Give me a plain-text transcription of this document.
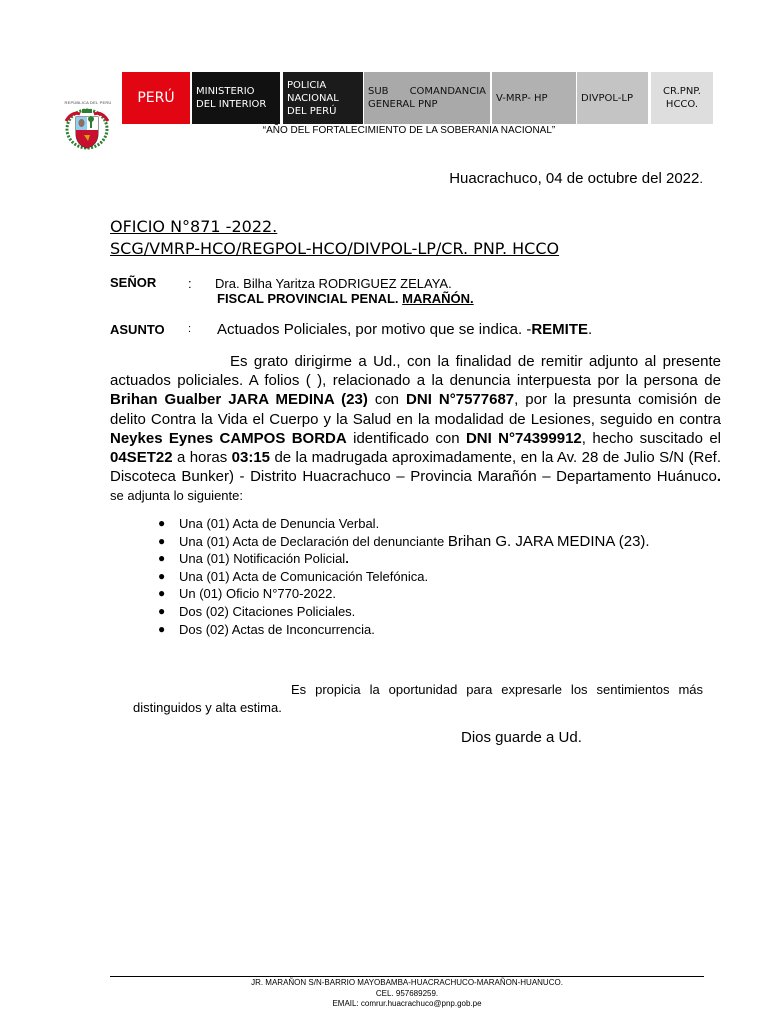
REPÚBLICA DEL PERÚ	PERÚ	MINISTERIO DEL INTERIOR
POLICIA NACIONAL DEL PERÚ
SUB COMANDANCIA
GENERAL PNP
V-MRP- HP	DIVPOL-LP
CR.PNP. HCCO.
“AÑO DEL FORTALECIMIENTO DE LA SOBERANIA NACIONAL”
Huacrachuco, 04 de octubre del 2022.
OFICIO N°871 -2022.
SCG/VMRP-HCO/REGPOL-HCO/DIVPOL-LP/CR. PNP. HCCO
SEÑOR : Dra. Bilha Yaritza RODRIGUEZ ZELAYA.
FISCAL PROVINCIAL PENAL. MARAÑÓN.
ASUNTO : Actuados Policiales, por motivo que se indica. -REMITE.
Es grato dirigirme a Ud., con la finalidad de remitir adjunto al presente actuados policiales. A folios ( ), relacionado a la denuncia interpuesta por la persona de Brihan Gualber JARA MEDINA (23) con DNI N°7577687, por la presunta comisión de delito Contra la Vida el Cuerpo y la Salud en la modalidad de Lesiones, seguido en contra Neykes Eynes CAMPOS BORDA identificado con DNI N°74399912, hecho suscitado el 04SET22 a horas 03:15 de la madrugada aproximadamente, en la Av. 28 de Julio S/N (Ref. Discoteca Bunker) - Distrito Huacrachuco – Provincia Marañón – Departamento Huánuco. se adjunta lo siguiente:
● Una (01) Acta de Denuncia Verbal.
● Una (01) Acta de Declaración del denunciante Brihan G. JARA MEDINA (23).
● Una (01) Notificación Policial.
● Una (01) Acta de Comunicación Telefónica.
● Un (01) Oficio N°770-2022.
● Dos (02) Citaciones Policiales.
● Dos (02) Actas de Inconcurrencia.
Es propicia la oportunidad para expresarle los sentimientos más distinguidos y alta estima.
Dios guarde a Ud.
JR. MARAÑON S/N-BARRIO MAYOBAMBA-HUACRACHUCO-MARAÑON-HUANUCO.
CEL. 957689259.
EMAIL: comrur.huacrachuco@pnp.gob.pe
